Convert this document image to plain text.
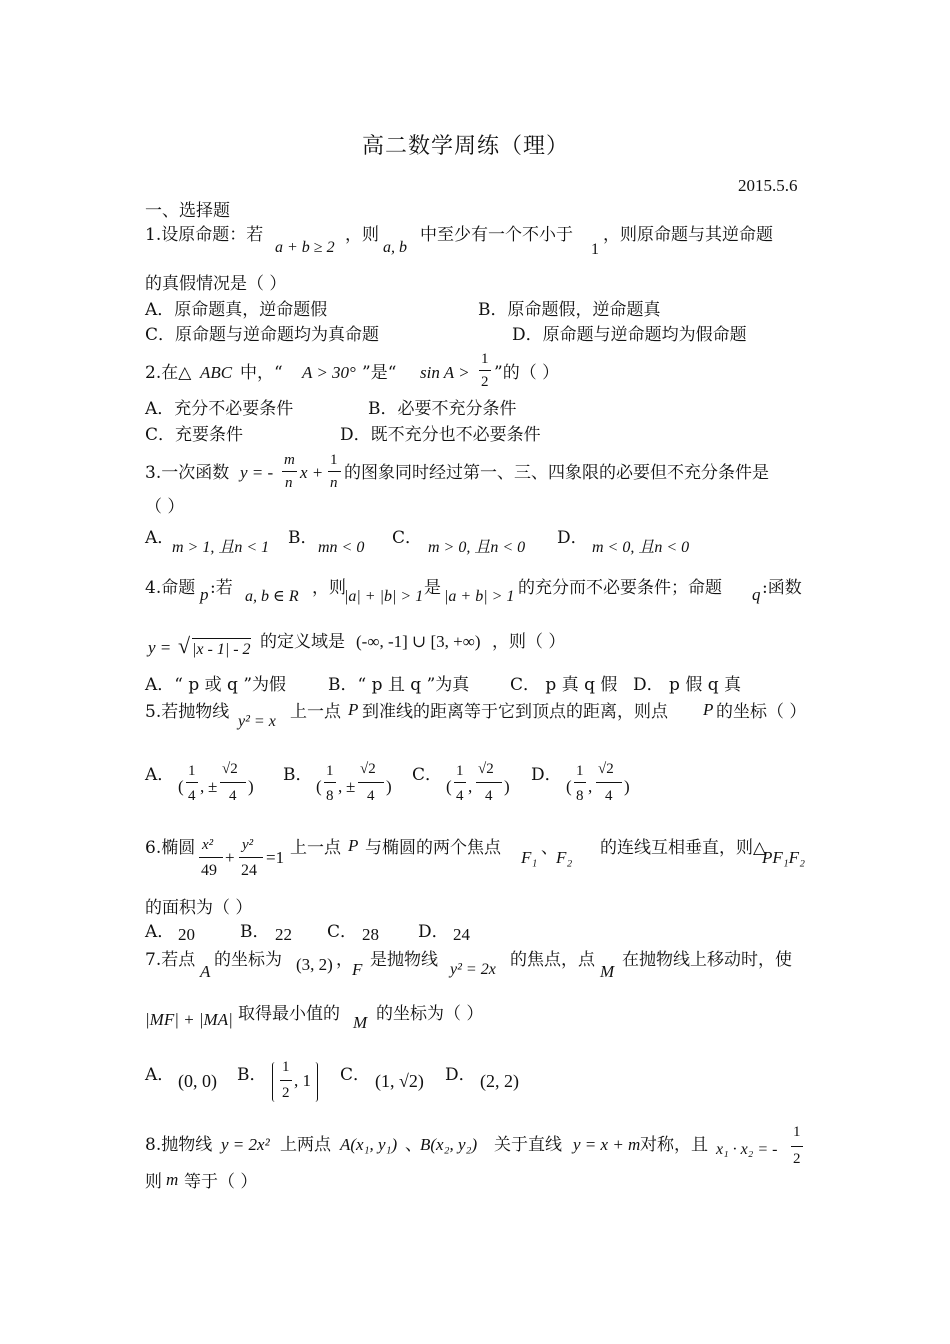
高二数学周练（理）
2015.5.6
一、选择题
1.设原命题：若
a + b ≥ 2
，则
a, b
中至少有一个不小于
1
，则原命题与其逆命题
的真假情况是（ ）
A．原命题真，逆命题假	B．原命题假，逆命题真
C．原命题与逆命题均为真命题	D．原命题与逆命题均为假命题
2.在△ ABC 中，“ A > 30° ”是“ sin A >
1
2 ”的（ ）
A．充分不必要条件	B．必要不充分条件
C．充要条件	D．既不充分也不必要条件
3.一次函数 y = -
m
n
x +
1
n 的图象同时经过第一、三、四象限的必要但不充分条件是
（ ）
A．
m > 1, 且n < 1 B． mn < 0 C． m > 0, 且n < 0 D． m < 0, 且n < 0
4.命题 p :若 a, b ∈ R ，则
|a| + |b| > 1 是 |a + b| > 1 的充分而不必要条件；命题 q :函数
y = √ |x - 1| - 2 的定义域是 (-∞, -1] ∪ [3, +∞) ，则（ ）
A．“ p 或 q ”为假 B．“ p 且 q ”为真 C． p 真 q 假 D． p 假 q 真
5.若抛物线 y² = x 上一点 P 到准线的距离等于它到顶点的距离，则点 P 的坐标（ ）
A．
(
1
4 , ±
√2
4 )
B．
(
1
8 , ±
√2
4 )
C．
(
1
4 ,
√2
4 )
D．
(
1
8 ,
√2
4 )
6.椭圆 x²
49
+
y²
24
=1 上一点 P 与椭圆的两个焦点 F₁ 、
F₂ 的连线互相垂直，则△
PF₁F₂
的面积为（ ）
A． 20	B． 22 C． 28 D． 24
7.若点
A
的坐标为 (3, 2) ， F 是抛物线 y² = 2x 的焦点，点
M
在抛物线上移动时，使
|MF| + |MA| 取得最小值的 M 的坐标为（ ）
A． (0, 0) B． 1
2
, 1 C． (1, √2) D． (2, 2)
8.抛物线 y = 2x² 上两点 A(x₁, y₁) 、
B(x₂, y₂) 关于直线 y = x + m 对称，且 x₁ · x₂ = -
1
2
则 m 等于（ ）
